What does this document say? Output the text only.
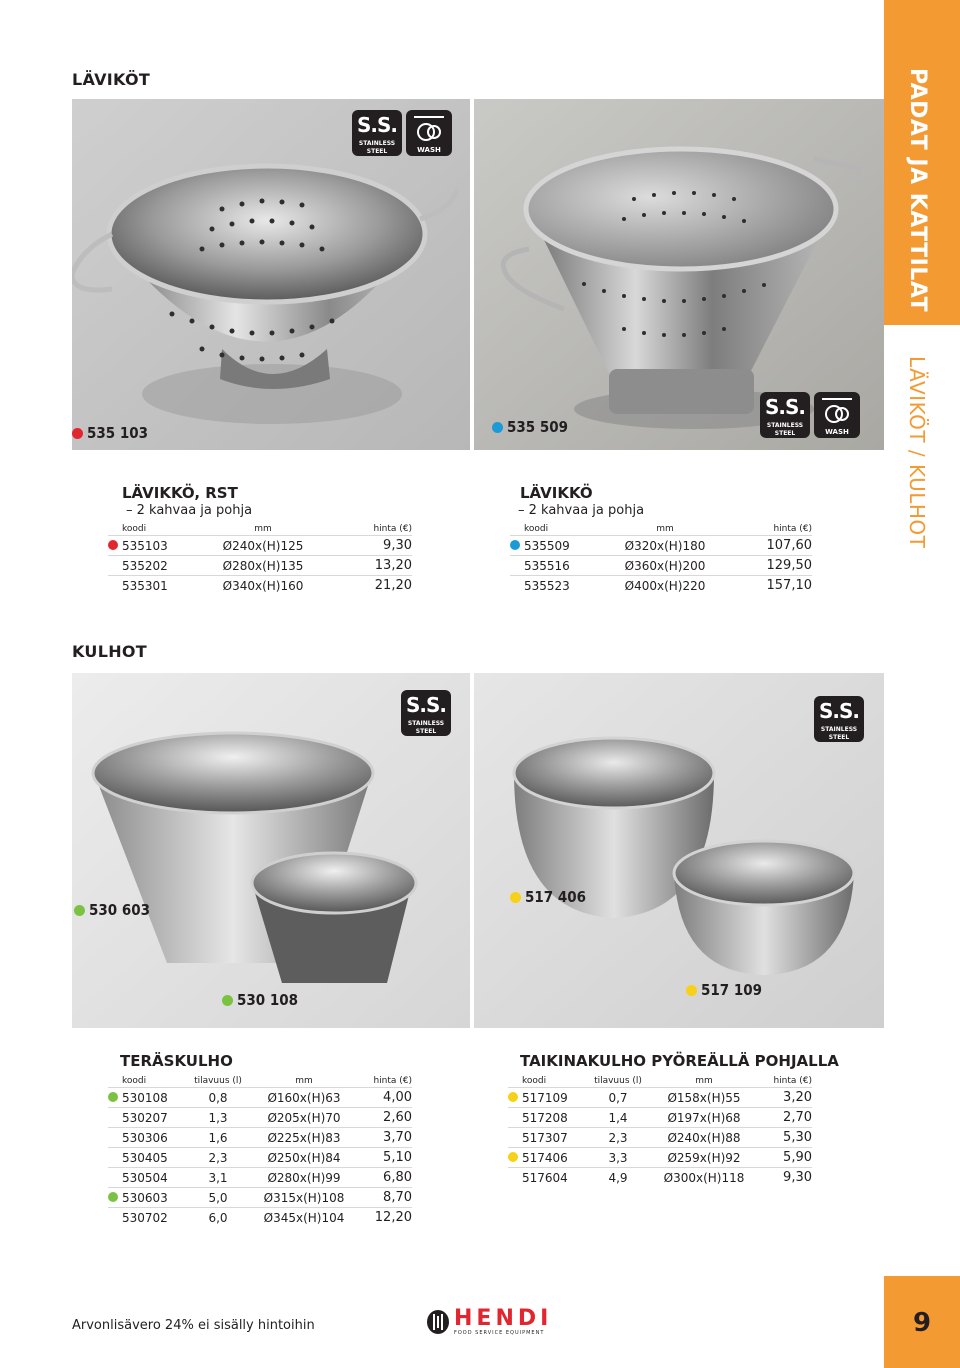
LÄVIKÖT
KULHOT
S.S.
STAINLESS STEEL	WASH
S.S.
STAINLESS STEEL	WASH
S.S.
STAINLESS STEEL
S.S.
STAINLESS STEEL
535 103	535 509
530 603
530 108
517 406
517 109
LÄVIKKÖ, RST
– 2 kahvaa ja pohja
koodi	mm	hinta (€)

535103	Ø240x(H)125	9,30
535202	Ø280x(H)135	13,20
535301	Ø340x(H)160	21,20
LÄVIKKÖ
– 2 kahvaa ja pohja
koodi	mm	hinta (€)

535509	Ø320x(H)180	107,60
535516	Ø360x(H)200	129,50
535523	Ø400x(H)220	157,10
TERÄSKULHO
koodi	tilavuus (l)	mm	hinta (€)

530108	0,8	Ø160x(H)63	4,00
530207	1,3	Ø205x(H)70	2,60
530306	1,6	Ø225x(H)83	3,70
530405	2,3	Ø250x(H)84	5,10
530504	3,1	Ø280x(H)99	6,80

530603	5,0	Ø315x(H)108	8,70
530702	6,0	Ø345x(H)104	12,20
TAIKINAKULHO PYÖREÄLLÄ POHJALLA
koodi	tilavuus (l)	mm	hinta (€)

517109	0,7	Ø158x(H)55	3,20
517208	1,4	Ø197x(H)68	2,70
517307	2,3	Ø240x(H)88	5,30

517406	3,3	Ø259x(H)92	5,90
517604	4,9	Ø300x(H)118	9,30
PADAT JA KATTILAT
LÄVIKÖT / KULHOT
9
Arvonlisävero 24% ei sisälly hintoihin	HENDI
FOOD SERVICE EQUIPMENT
